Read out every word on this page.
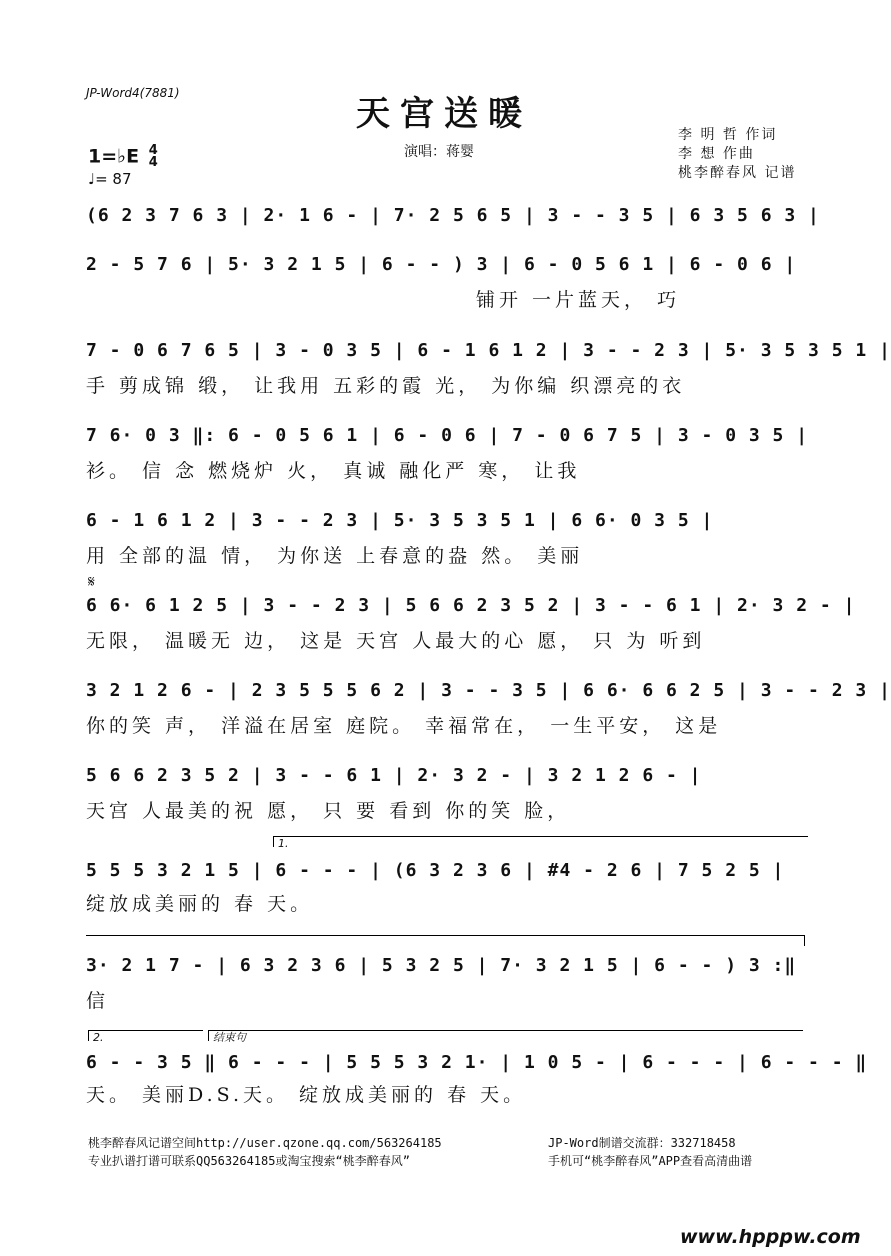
JP-Word4(7881)
天宫送暖
演唱：蒋婴
李 明 哲 作词
李 想 作曲
桃李醉春风 记谱
1=♭E 4
4
♩= 87
(6 2 3 7 6 3 | 2· 1 6 - | 7· 2 5 6 5 | 3 - - 3 5 | 6 3 5 6 3 |
2 - 5 7 6 | 5· 3 2 1 5 | 6 - - ) 3 | 6 - 0 5 6 1 | 6 - 0 6 |
铺开 一片蓝天， 巧
7 - 0 6 7 6 5 | 3 - 0 3 5 | 6 - 1 6 1 2 | 3 - - 2 3 | 5· 3 5 3 5 1 |
手 剪成锦 缎， 让我用 五彩的霞 光， 为你编 织漂亮的衣
7 6· 0 3 ‖: 6 - 0 5 6 1 | 6 - 0 6 | 7 - 0 6 7 5 | 3 - 0 3 5 |
衫。 信 念 燃烧炉 火， 真诚 融化严 寒， 让我
6 - 1 6 1 2 | 3 - - 2 3 | 5· 3 5 3 5 1 | 6 6· 0 3 5 |
用 全部的温 情， 为你送 上春意的盎 然。 美丽
𝄋
6 6· 6 1 2 5 | 3 - - 2 3 | 5 6 6 2 3 5 2 | 3 - - 6 1 | 2· 3 2 - |
无限， 温暖无 边， 这是 天宫 人最大的心 愿， 只 为 听到
3 2 1 2 6 - | 2 3 5 5 5 6 2 | 3 - - 3 5 | 6 6· 6 6 2 5 | 3 - - 2 3 |
你的笑 声， 洋溢在居室 庭院。 幸福常在， 一生平安， 这是
5 6 6 2 3 5 2 | 3 - - 6 1 | 2· 3 2 - | 3 2 1 2 6 - |
天宫 人最美的祝 愿， 只 要 看到 你的笑 脸，
1.
5 5 5 3 2 1 5 | 6 - - - | (6 3 2 3 6 | #4 - 2 6 | 7 5 2 5 |
绽放成美丽的 春 天。
3· 2 1 7 - | 6 3 2 3 6 | 5 3 2 5 | 7· 3 2 1 5 | 6 - - ) 3 :‖
信
2.	结束句
6 - - 3 5 ‖ 6 - - - | 5 5 5 3 2 1· | 1 0 5 - | 6 - - - | 6 - - - ‖
天。 美丽D.S.天。 绽放成美丽的 春 天。
桃李醉春风记谱空间http://user.qzone.qq.com/563264185
专业扒谱打谱可联系QQ563264185或淘宝搜索“桃李醉春风”
JP-Word制谱交流群：332718458
手机可“桃李醉春风”APP查看高清曲谱
www.hpppw.com
